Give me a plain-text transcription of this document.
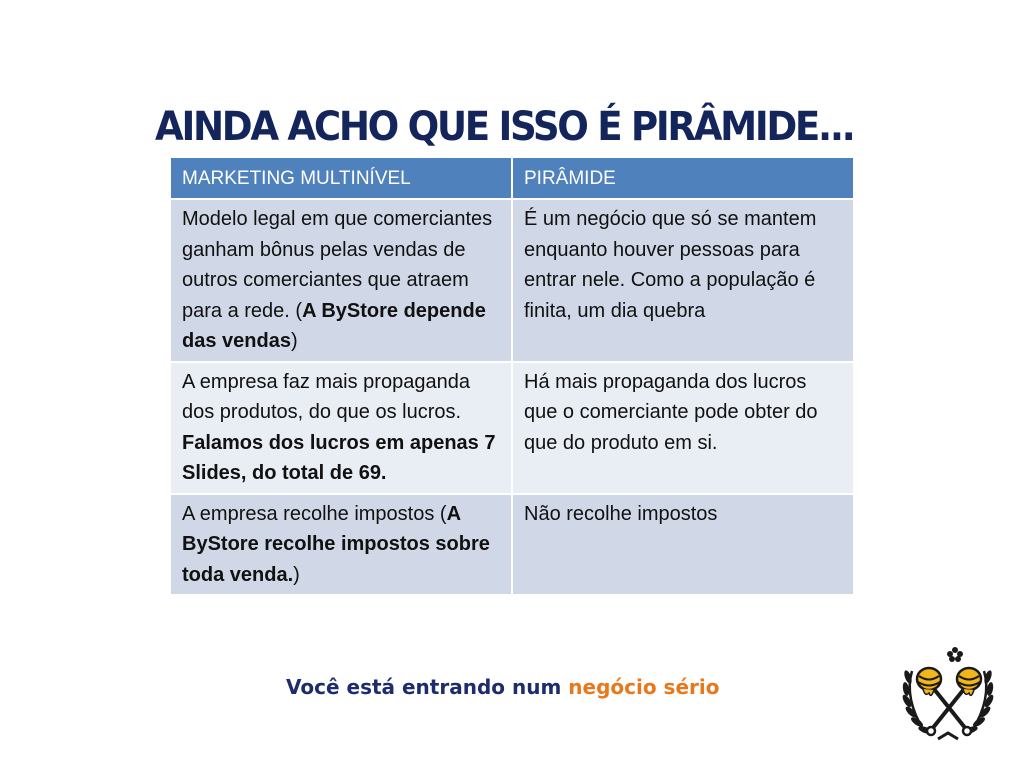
AINDA ACHO QUE ISSO É PIRÂMIDE...
MARKETING MULTINÍVEL	PIRÂMIDE
Modelo legal em que comerciantes ganham bônus pelas vendas de outros comerciantes que atraem para a rede. (A ByStore depende das vendas)	É um negócio que só se mantem enquanto houver pessoas para entrar nele. Como a população é finita, um dia quebra
A empresa faz mais propaganda dos produtos, do que os lucros. Falamos dos lucros em apenas 7 Slides, do total de 69.	Há mais propaganda dos lucros que o comerciante pode obter do que do produto em si.
A empresa recolhe impostos (A ByStore recolhe impostos sobre toda venda.)	Não recolhe impostos

Você está entrando num negócio sério
